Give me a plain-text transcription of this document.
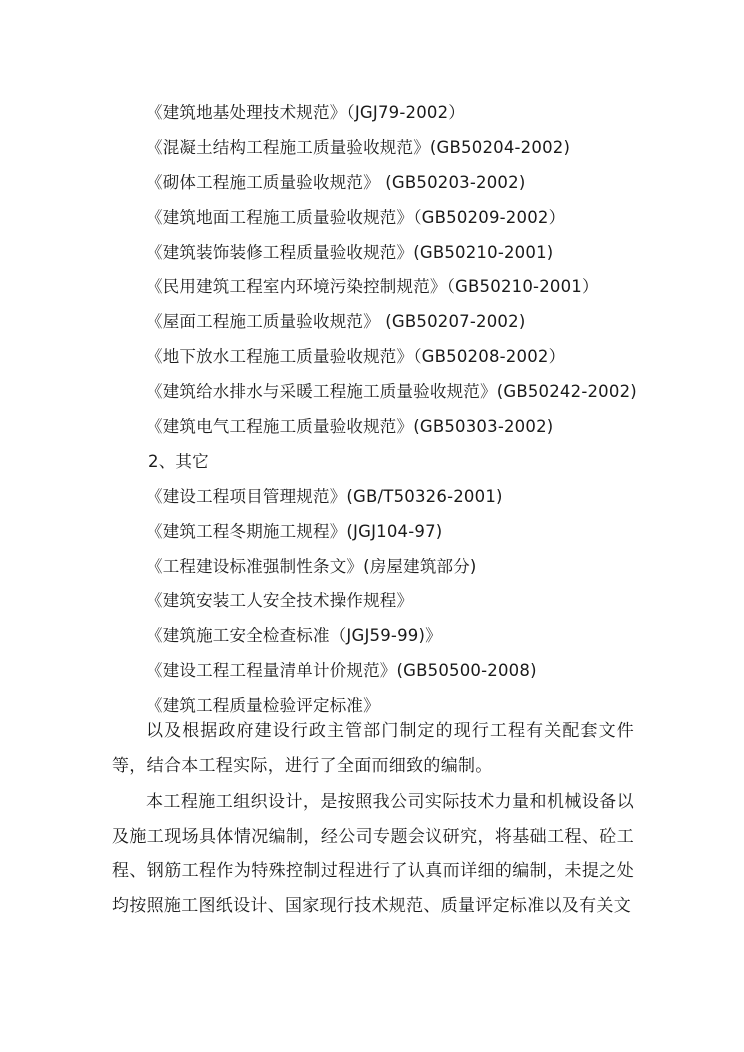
《建筑地基处理技术规范》（JGJ79-2002）
《混凝土结构工程施工质量验收规范》(GB50204-2002)
《砌体工程施工质量验收规范》 (GB50203-2002)
《建筑地面工程施工质量验收规范》（GB50209-2002）
《建筑装饰装修工程质量验收规范》(GB50210-2001)
《民用建筑工程室内环境污染控制规范》（GB50210-2001）
《屋面工程施工质量验收规范》 (GB50207-2002)
《地下放水工程施工质量验收规范》（GB50208-2002）
《建筑给水排水与采暖工程施工质量验收规范》(GB50242-2002)
《建筑电气工程施工质量验收规范》(GB50303-2002)
2、其它
《建设工程项目管理规范》(GB/T50326-2001)
《建筑工程冬期施工规程》(JGJ104-97)
《工程建设标准强制性条文》(房屋建筑部分)
《建筑安装工人安全技术操作规程》
《建筑施工安全检查标准（JGJ59-99)》
《建设工程工程量清单计价规范》(GB50500-2008)
《建筑工程质量检验评定标准》

以及根据政府建设行政主管部门制定的现行工程有关配套文件等，结合本工程实际，进行了全面而细致的编制。

本工程施工组织设计，是按照我公司实际技术力量和机械设备以及施工现场具体情况编制，经公司专题会议研究，将基础工程、砼工程、钢筋工程作为特殊控制过程进行了认真而详细的编制，未提之处均按照施工图纸设计、国家现行技术规范、质量评定标准以及有关文
